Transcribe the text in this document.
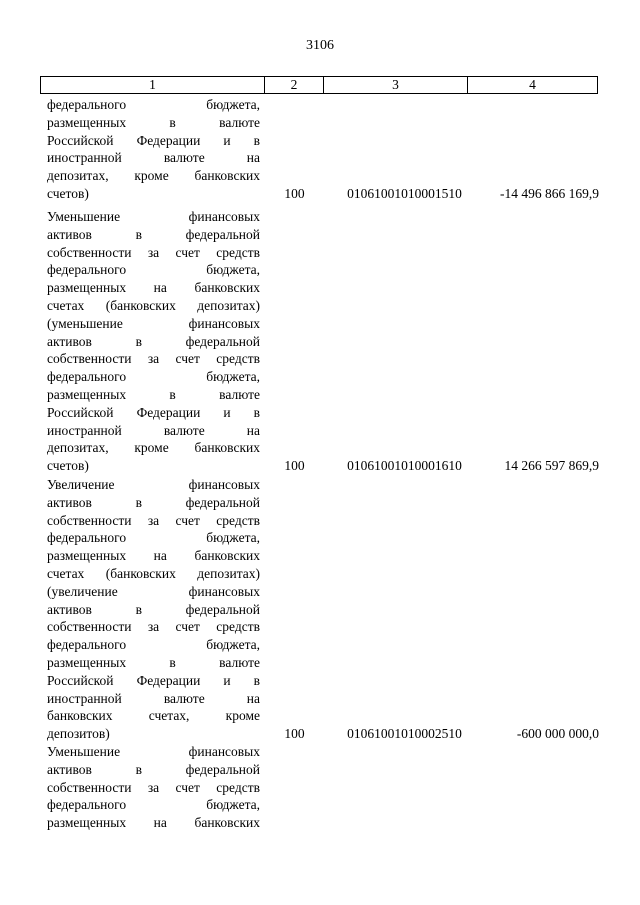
3106
1	2	3	4
федерального бюджета,
размещенных в валюте
Российской Федерации и в
иностранной валюте на
депозитах, кроме банковских
счетов)	100	01061001010001510	-14 496 866 169,9
Уменьшение финансовых
активов в федеральной
собственности за счет средств
федерального бюджета,
размещенных на банковских
счетах (банковских депозитах)
(уменьшение финансовых
активов в федеральной
собственности за счет средств
федерального бюджета,
размещенных в валюте
Российской Федерации и в
иностранной валюте на
депозитах, кроме банковских
счетов)	100	01061001010001610	14 266 597 869,9
Увеличение финансовых
активов в федеральной
собственности за счет средств
федерального бюджета,
размещенных на банковских
счетах (банковских депозитах)
(увеличение финансовых
активов в федеральной
собственности за счет средств
федерального бюджета,
размещенных в валюте
Российской Федерации и в
иностранной валюте на
банковских счетах, кроме
депозитов)	100	01061001010002510	-600 000 000,0
Уменьшение финансовых
активов в федеральной
собственности за счет средств
федерального бюджета,
размещенных на банковских
